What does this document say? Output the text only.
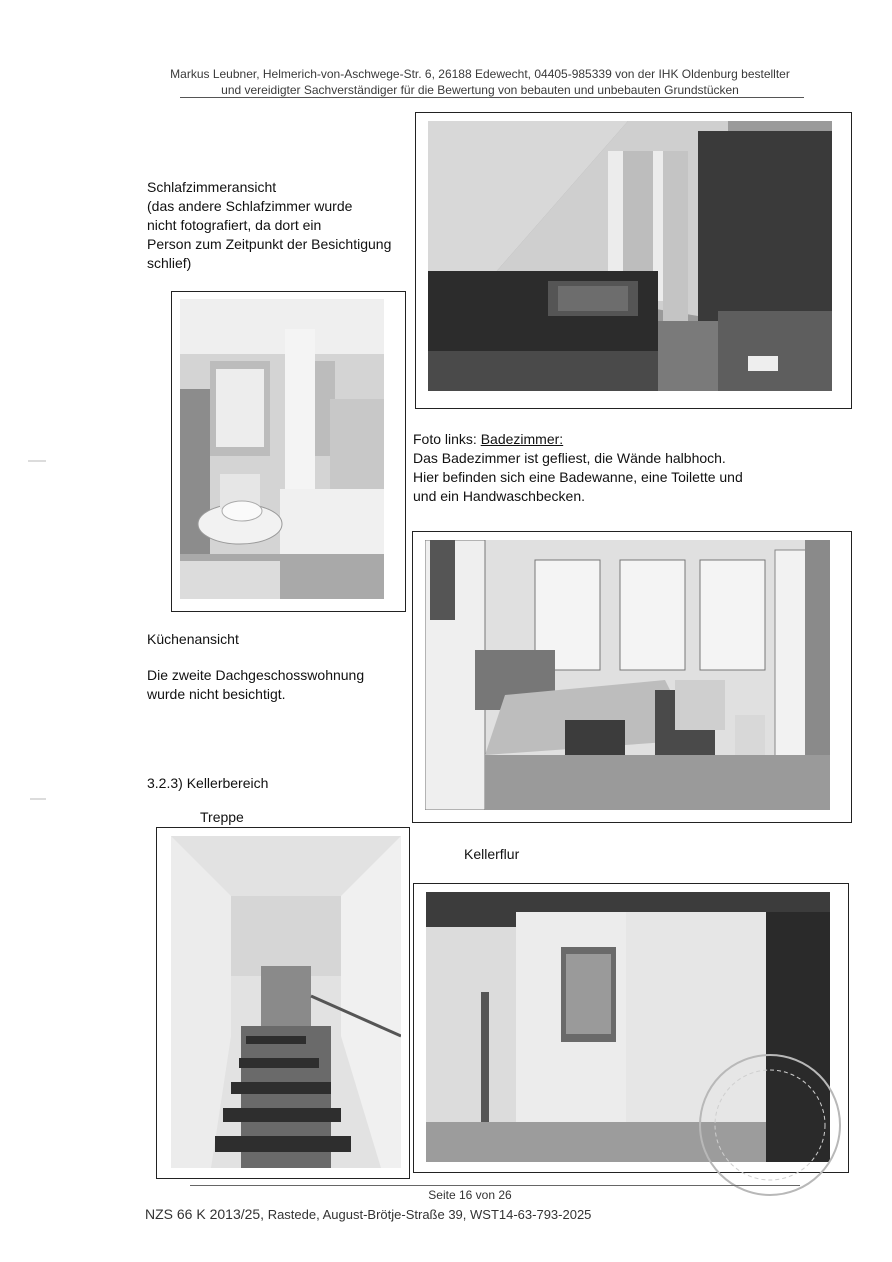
Markus Leubner, Helmerich-von-Aschwege-Str. 6, 26188 Edewecht, 04405-985339 von der IHK Oldenburg bestellter
und vereidigter Sachverständiger für die Bewertung von bebauten und unbebauten Grundstücken
Schlafzimmeransicht
(das andere Schlafzimmer wurde
nicht fotografiert, da dort ein
Person zum Zeitpunkt der Besichtigung
schlief)
Foto links: Badezimmer:
Das Badezimmer ist gefliest, die Wände halbhoch.
Hier befinden sich eine Badewanne, eine Toilette und
und ein Handwaschbecken.
Küchenansicht
Die zweite Dachgeschosswohnung
wurde nicht besichtigt.
3.2.3) Kellerbereich
Treppe
Kellerflur
Seite 16 von 26
NZS 66 K 2013/25, Rastede, August-Brötje-Straße 39, WST14-63-793-2025
